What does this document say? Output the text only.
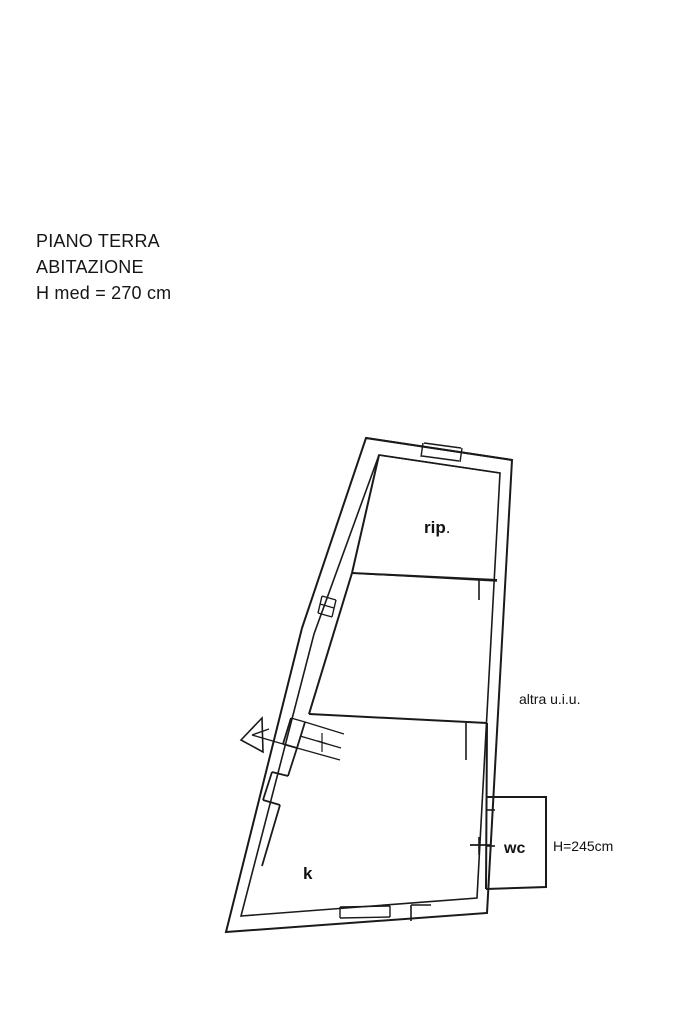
PIANO TERRA
ABITAZIONE
H med = 270 cm
rip.
k
wc
altra u.i.u.
H=245cm
